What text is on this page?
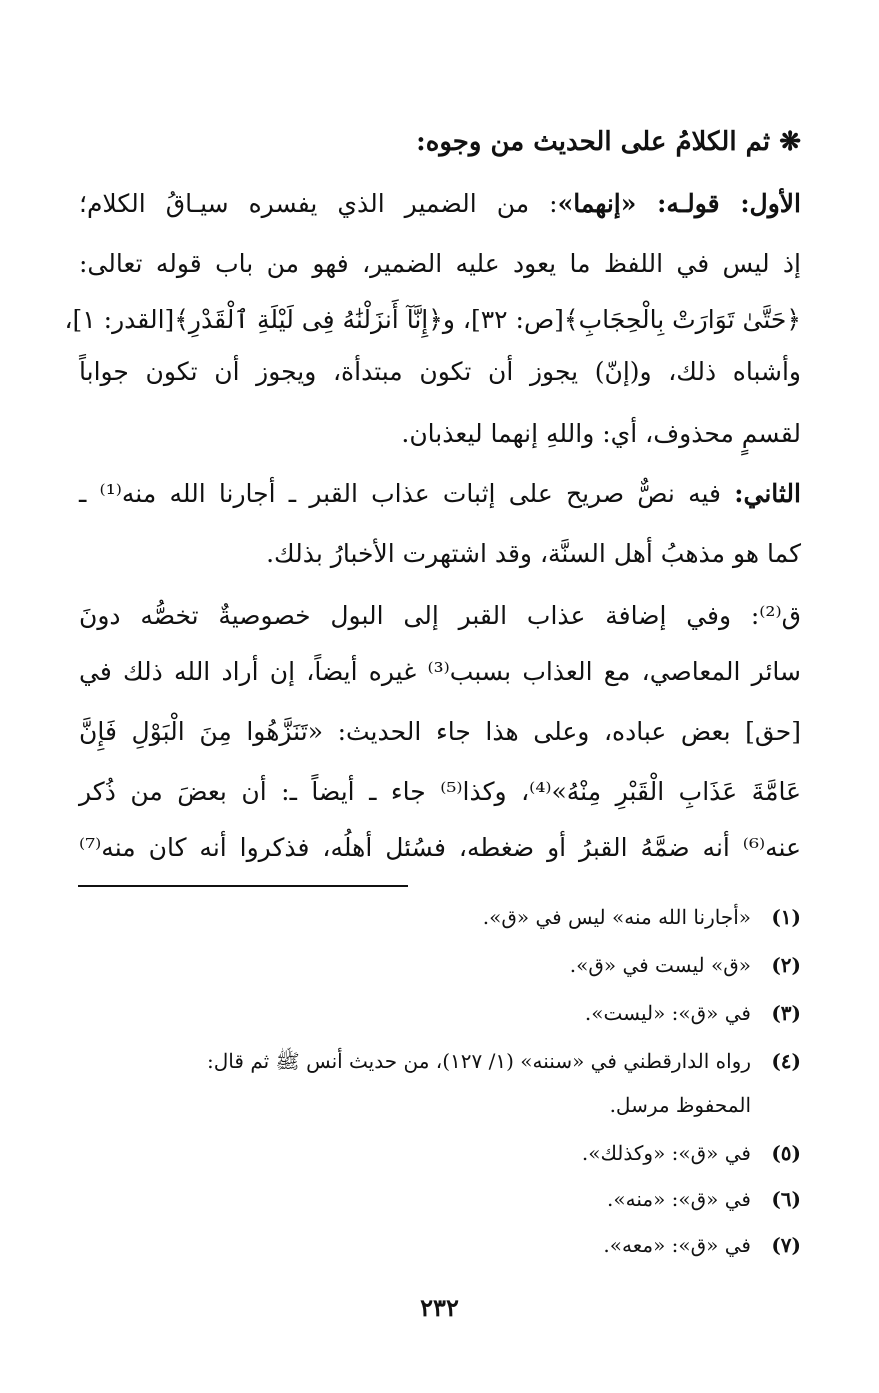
❋ ثم الكلامُ على الحديث من وجوه:
الأول: قولـه: «إنهما»: من الضمير الذي يفسره سيـاقُ الكلام؛
إذ ليس في اللفظ ما يعود عليه الضمير، فهو من باب قوله تعالى:
﴿حَتَّىٰ تَوَارَتْ بِالْحِجَابِ﴾[ص: ٣٢]، و﴿إِنَّآ أَنزَلْنَٰهُ فِى لَيْلَةِ ٱلْقَدْرِ﴾[القدر: ١]،
وأشباه ذلك، و(إنّ) يجوز أن تكون مبتدأة، ويجوز أن تكون جواباً
لقسمٍ محذوف، أي: واللهِ إنهما ليعذبان.
الثاني: فيه نصٌّ صريح على إثبات عذاب القبر ـ أجارنا الله منه⁽¹⁾ ـ
كما هو مذهبُ أهل السنَّة، وقد اشتهرت الأخبارُ بذلك.
ق⁽²⁾: وفي إضافة عذاب القبر إلى البول خصوصيةٌ تخصُّه دونَ
سائر المعاصي، مع العذاب بسبب⁽³⁾ غيره أيضاً، إن أراد الله ذلك في
[حق] بعض عباده، وعلى هذا جاء الحديث: «تَنَزَّهُوا مِنَ الْبَوْلِ فَإِنَّ
عَامَّةَ عَذَابِ الْقَبْرِ مِنْهُ»⁽⁴⁾، وكذا⁽⁵⁾ جاء ـ أيضاً ـ: أن بعضَ من ذُكر
عنه⁽⁶⁾ أنه ضمَّهُ القبرُ أو ضغطه، فسُئل أهلُه، فذكروا أنه كان منه⁽⁷⁾
(١)
«أجارنا الله منه» ليس في «ق».
(٢)
«ق» ليست في «ق».
(٣)
في «ق»: «ليست».
(٤)
رواه الدارقطني في «سننه» (١/ ١٢٧)، من حديث أنس ﷺ ثم قال:
المحفوظ مرسل.
(٥)
في «ق»: «وكذلك».
(٦)
في «ق»: «منه».
(٧)
في «ق»: «معه».
٢٣٢
